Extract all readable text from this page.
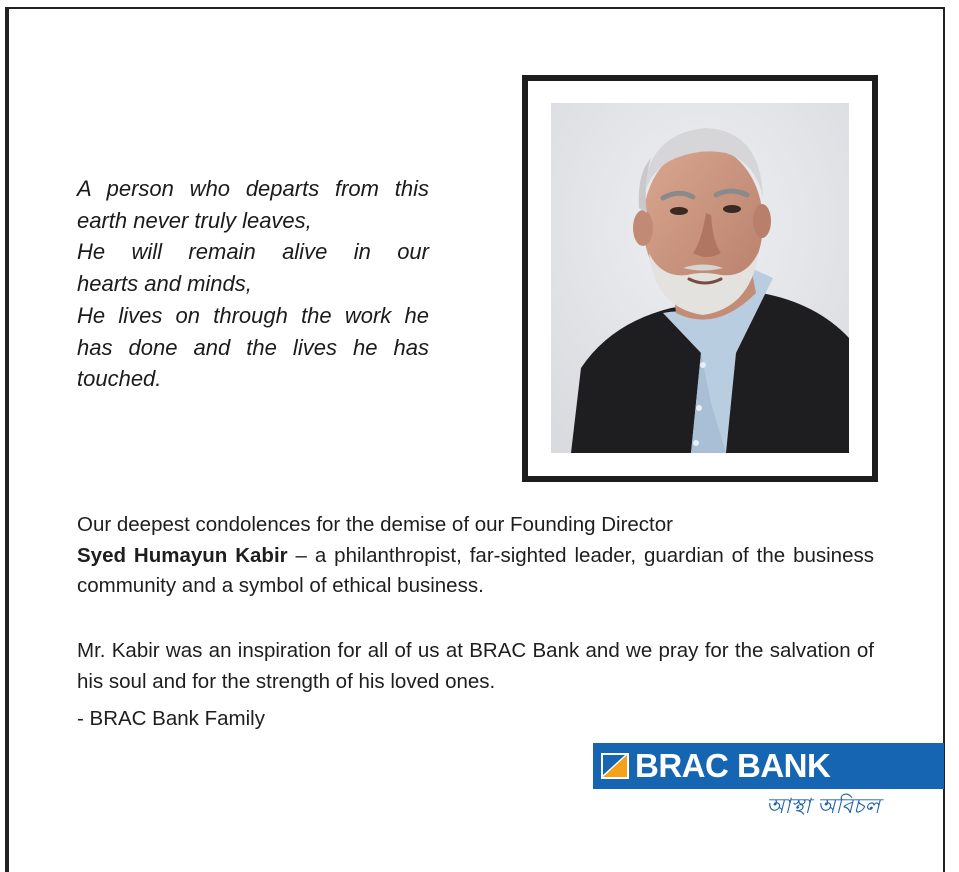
A person who departs from this
earth never truly leaves,
He will remain alive in our
hearts and minds,
He lives on through the work he
has done and the lives he has
touched.
Our deepest condolences for the demise of our Founding Director
Syed Humayun Kabir – a philanthropist, far-sighted leader, guardian of the business community and a symbol of ethical business.
Mr. Kabir was an inspiration for all of us at BRAC Bank and we pray for the salvation of his soul and for the strength of his loved ones.
- BRAC Bank Family
BRAC BANK
আস্থা অবিচল
